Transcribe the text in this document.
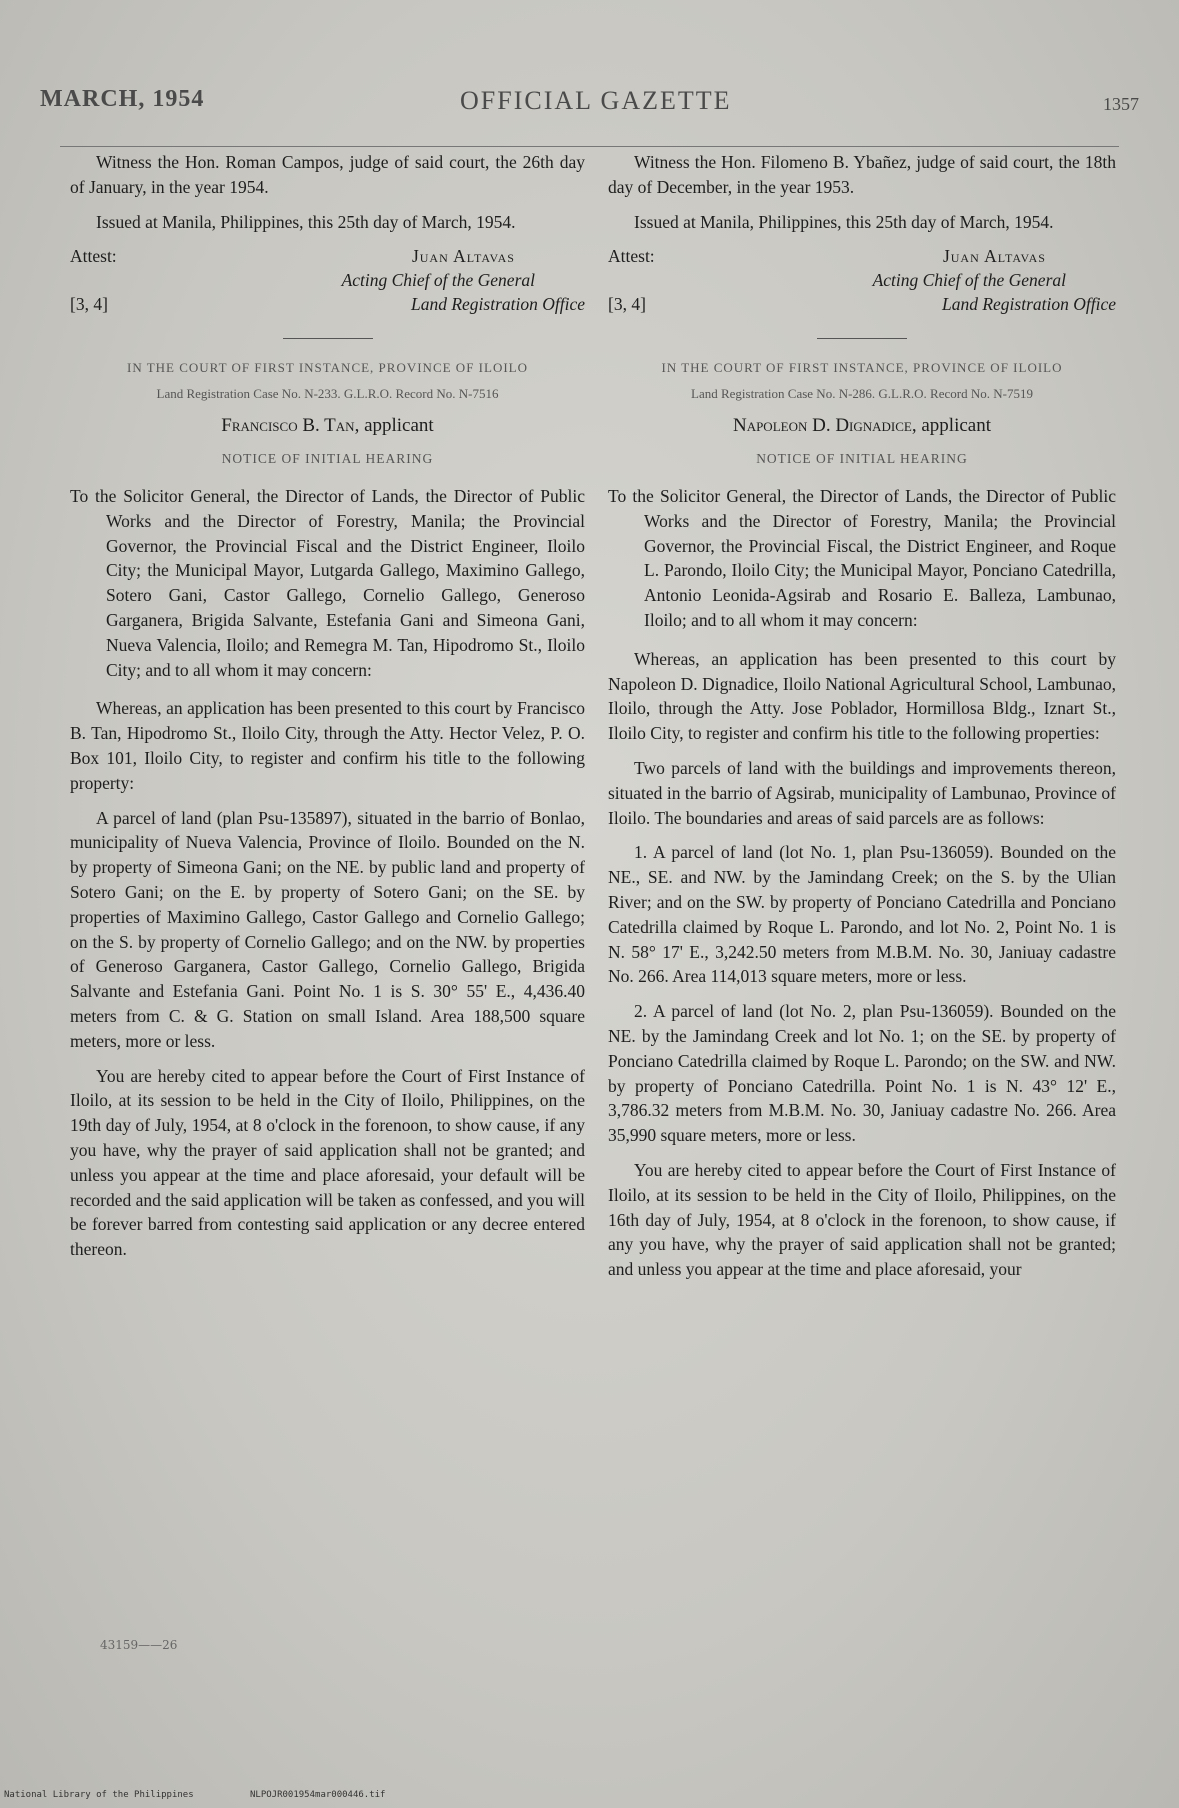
MARCH, 1954	OFFICIAL GAZETTE	1357

Witness the Hon. Roman Campos, judge of said court, the 26th day of January, in the year 1954.

Issued at Manila, Philippines, this 25th day of March, 1954.

Attest:	Juan Altavas
Acting Chief of the General
[3, 4]	Land Registration Office
IN THE COURT OF FIRST INSTANCE, PROVINCE OF ILOILO
Land Registration Case No. N-233. G.L.R.O. Record No. N-7516
Francisco B. Tan, applicant
NOTICE OF INITIAL HEARING

To the Solicitor General, the Director of Lands, the Director of Public Works and the Director of Forestry, Manila; the Provincial Governor, the Provincial Fiscal and the District Engineer, Iloilo City; the Municipal Mayor, Lutgarda Gallego, Maximino Gallego, Sotero Gani, Castor Gallego, Cornelio Gallego, Generoso Garganera, Brigida Salvante, Estefania Gani and Simeona Gani, Nueva Valencia, Iloilo; and Remegra M. Tan, Hipodromo St., Iloilo City; and to all whom it may concern:

Whereas, an application has been presented to this court by Francisco B. Tan, Hipodromo St., Iloilo City, through the Atty. Hector Velez, P. O. Box 101, Iloilo City, to register and confirm his title to the following property:

A parcel of land (plan Psu-135897), situated in the barrio of Bonlao, municipality of Nueva Valencia, Province of Iloilo. Bounded on the N. by property of Simeona Gani; on the NE. by public land and property of Sotero Gani; on the E. by property of Sotero Gani; on the SE. by properties of Maximino Gallego, Castor Gallego and Cornelio Gallego; on the S. by property of Cornelio Gallego; and on the NW. by properties of Generoso Garganera, Castor Gallego, Cornelio Gallego, Brigida Salvante and Estefania Gani. Point No. 1 is S. 30° 55' E., 4,436.40 meters from C. & G. Station on small Island. Area 188,500 square meters, more or less.

You are hereby cited to appear before the Court of First Instance of Iloilo, at its session to be held in the City of Iloilo, Philippines, on the 19th day of July, 1954, at 8 o'clock in the forenoon, to show cause, if any you have, why the prayer of said application shall not be granted; and unless you appear at the time and place aforesaid, your default will be recorded and the said application will be taken as confessed, and you will be forever barred from contesting said application or any decree entered thereon.

43159——26

Witness the Hon. Filomeno B. Ybañez, judge of said court, the 18th day of December, in the year 1953.

Issued at Manila, Philippines, this 25th day of March, 1954.

Attest:	Juan Altavas
Acting Chief of the General
[3, 4]	Land Registration Office
IN THE COURT OF FIRST INSTANCE, PROVINCE OF ILOILO
Land Registration Case No. N-286. G.L.R.O. Record No. N-7519
Napoleon D. Dignadice, applicant
NOTICE OF INITIAL HEARING

To the Solicitor General, the Director of Lands, the Director of Public Works and the Director of Forestry, Manila; the Provincial Governor, the Provincial Fiscal, the District Engineer, and Roque L. Parondo, Iloilo City; the Municipal Mayor, Ponciano Catedrilla, Antonio Leonida-Agsirab and Rosario E. Balleza, Lambunao, Iloilo; and to all whom it may concern:

Whereas, an application has been presented to this court by Napoleon D. Dignadice, Iloilo National Agricultural School, Lambunao, Iloilo, through the Atty. Jose Poblador, Hormillosa Bldg., Iznart St., Iloilo City, to register and confirm his title to the following properties:

Two parcels of land with the buildings and improvements thereon, situated in the barrio of Agsirab, municipality of Lambunao, Province of Iloilo. The boundaries and areas of said parcels are as follows:

1. A parcel of land (lot No. 1, plan Psu-136059). Bounded on the NE., SE. and NW. by the Jamindang Creek; on the S. by the Ulian River; and on the SW. by property of Ponciano Catedrilla and Ponciano Catedrilla claimed by Roque L. Parondo, and lot No. 2, Point No. 1 is N. 58° 17' E., 3,242.50 meters from M.B.M. No. 30, Janiuay cadastre No. 266. Area 114,013 square meters, more or less.

2. A parcel of land (lot No. 2, plan Psu-136059). Bounded on the NE. by the Jamindang Creek and lot No. 1; on the SE. by property of Ponciano Catedrilla claimed by Roque L. Parondo; on the SW. and NW. by property of Ponciano Catedrilla. Point No. 1 is N. 43° 12' E., 3,786.32 meters from M.B.M. No. 30, Janiuay cadastre No. 266. Area 35,990 square meters, more or less.

You are hereby cited to appear before the Court of First Instance of Iloilo, at its session to be held in the City of Iloilo, Philippines, on the 16th day of July, 1954, at 8 o'clock in the forenoon, to show cause, if any you have, why the prayer of said application shall not be granted; and unless you appear at the time and place aforesaid, your

National Library of the Philippines	NLPOJR001954mar000446.tif
